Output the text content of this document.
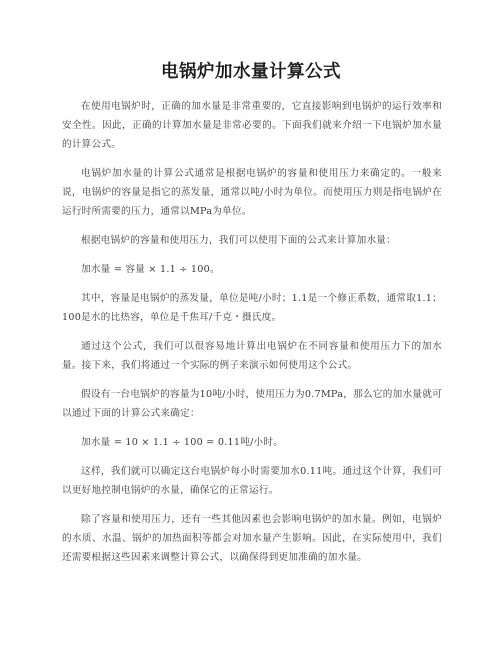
电锅炉加水量计算公式

在使用电锅炉时，正确的加水量是非常重要的，它直接影响到电锅炉的运行效率和安全性。因此，正确的计算加水量是非常必要的。下面我们就来介绍一下电锅炉加水量的计算公式。

电锅炉加水量的计算公式通常是根据电锅炉的容量和使用压力来确定的。一般来说，电锅炉的容量是指它的蒸发量，通常以吨/小时为单位。而使用压力则是指电锅炉在运行时所需要的压力，通常以MPa为单位。

根据电锅炉的容量和使用压力，我们可以使用下面的公式来计算加水量：

加水量 = 容量 × 1.1 ÷ 100。

其中，容量是电锅炉的蒸发量，单位是吨/小时；1.1是一个修正系数，通常取1.1；100是水的比热容，单位是千焦耳/千克・摄氏度。

通过这个公式，我们可以很容易地计算出电锅炉在不同容量和使用压力下的加水量。接下来，我们将通过一个实际的例子来演示如何使用这个公式。

假设有一台电锅炉的容量为10吨/小时，使用压力为0.7MPa，那么它的加水量就可以通过下面的计算公式来确定：

加水量 = 10 × 1.1 ÷ 100 = 0.11吨/小时。

这样，我们就可以确定这台电锅炉每小时需要加水0.11吨。通过这个计算，我们可以更好地控制电锅炉的水量，确保它的正常运行。

除了容量和使用压力，还有一些其他因素也会影响电锅炉的加水量。例如，电锅炉的水质、水温、锅炉的加热面积等都会对加水量产生影响。因此，在实际使用中，我们还需要根据这些因素来调整计算公式，以确保得到更加准确的加水量。
